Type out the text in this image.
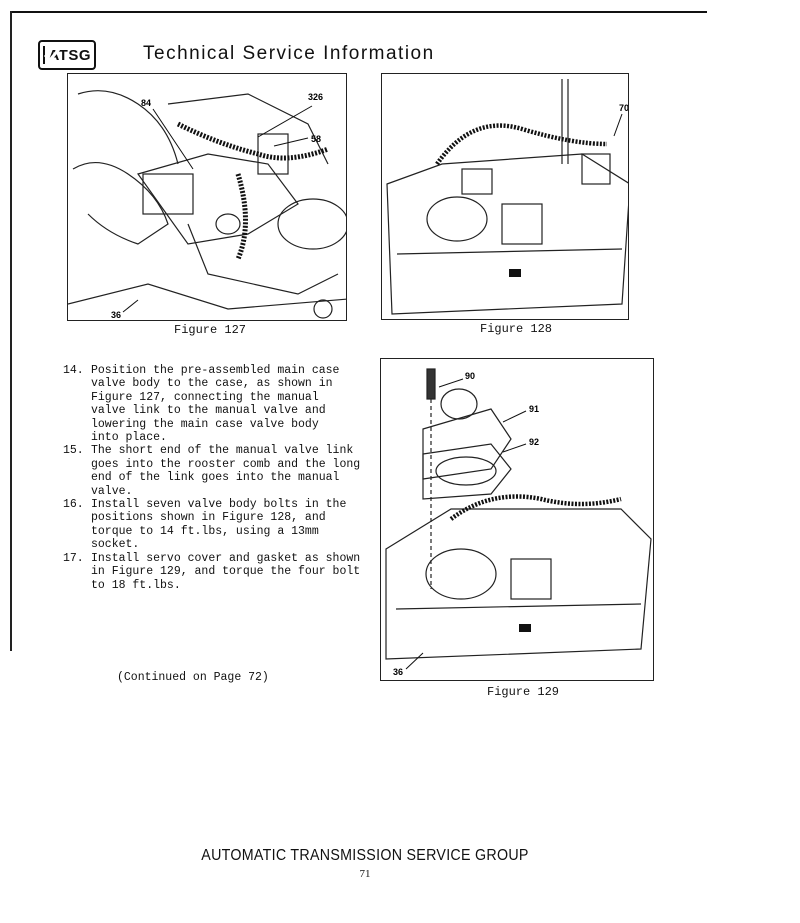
ATSG	Technical Service Information
84
326
58
36
Figure 127
70
Figure 128
90
91
92
36
Figure 129
14. Position the pre-assembled main case
valve body to the case, as shown in
Figure 127, connecting the manual
valve link to the manual valve and
lowering the main case valve body
into place.
15. The short end of the manual valve link
goes into the rooster comb and the long
end of the link goes into the manual
valve.
16. Install seven valve body bolts in the
positions shown in Figure 128, and
torque to 14 ft.lbs, using a 13mm
socket.
17. Install servo cover and gasket as shown
in Figure 129, and torque the four bolt
to 18 ft.lbs.
(Continued on Page 72)
AUTOMATIC TRANSMISSION SERVICE GROUP
71
